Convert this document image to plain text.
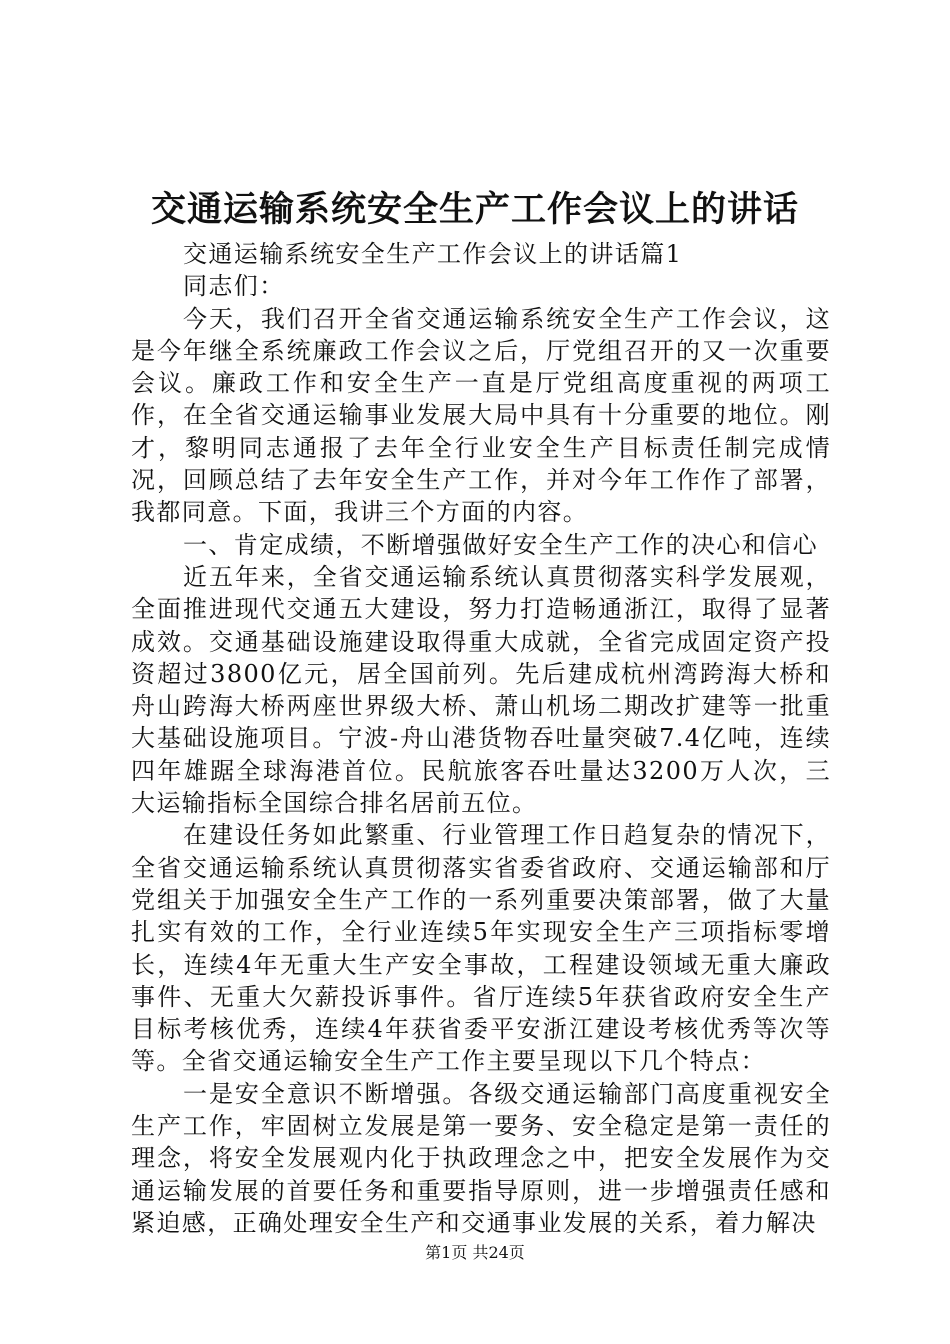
交通运输系统安全生产工作会议上的讲话

交通运输系统安全生产工作会议上的讲话篇1

同志们：

今天，我们召开全省交通运输系统安全生产工作会议，这是今年继全系统廉政工作会议之后，厅党组召开的又一次重要会议。廉政工作和安全生产一直是厅党组高度重视的两项工作，在全省交通运输事业发展大局中具有十分重要的地位。刚才，黎明同志通报了去年全行业安全生产目标责任制完成情况，回顾总结了去年安全生产工作，并对今年工作作了部署，我都同意。下面，我讲三个方面的内容。

一、肯定成绩，不断增强做好安全生产工作的决心和信心

近五年来，全省交通运输系统认真贯彻落实科学发展观，全面推进现代交通五大建设，努力打造畅通浙江，取得了显著成效。交通基础设施建设取得重大成就，全省完成固定资产投资超过3800亿元，居全国前列。先后建成杭州湾跨海大桥和舟山跨海大桥两座世界级大桥、萧山机场二期改扩建等一批重大基础设施项目。宁波-舟山港货物吞吐量突破7.4亿吨，连续四年雄踞全球海港首位。民航旅客吞吐量达3200万人次，三大运输指标全国综合排名居前五位。

在建设任务如此繁重、行业管理工作日趋复杂的情况下，全省交通运输系统认真贯彻落实省委省政府、交通运输部和厅党组关于加强安全生产工作的一系列重要决策部署，做了大量扎实有效的工作，全行业连续5年实现安全生产三项指标零增长，连续4年无重大生产安全事故，工程建设领域无重大廉政事件、无重大欠薪投诉事件。省厅连续5年获省政府安全生产目标考核优秀，连续4年获省委平安浙江建设考核优秀等次等等。全省交通运输安全生产工作主要呈现以下几个特点：

一是安全意识不断增强。各级交通运输部门高度重视安全生产工作，牢固树立发展是第一要务、安全稳定是第一责任的理念，将安全发展观内化于执政理念之中，把安全发展作为交通运输发展的首要任务和重要指导原则，进一步增强责任感和紧迫感，正确处理安全生产和交通事业发展的关系，着力解决

第1页 共24页
